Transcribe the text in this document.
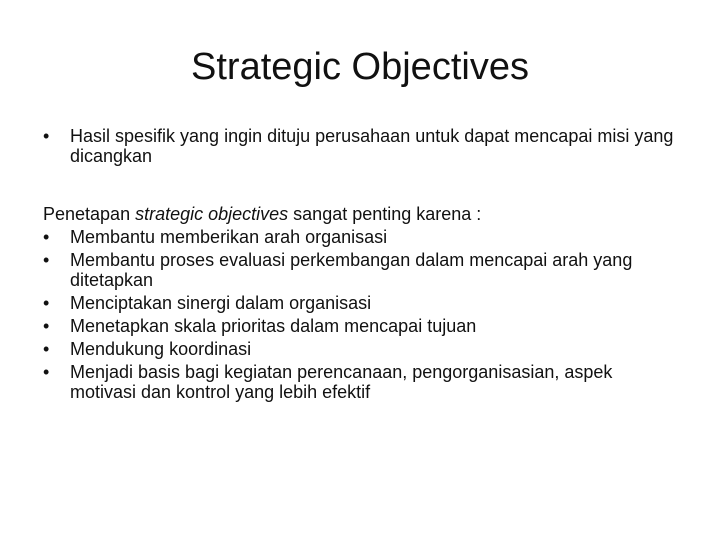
Strategic Objectives
•	Hasil spesifik yang ingin dituju perusahaan untuk dapat mencapai misi yang dicangkan

Penetapan strategic objectives sangat penting karena :

•	Membantu memberikan arah organisasi
•	Membantu proses evaluasi perkembangan dalam mencapai arah yang ditetapkan
•	Menciptakan sinergi dalam organisasi
•	Menetapkan skala prioritas dalam mencapai tujuan
•	Mendukung koordinasi
•	Menjadi basis bagi kegiatan perencanaan, pengorganisasian, aspek motivasi dan kontrol yang lebih efektif
